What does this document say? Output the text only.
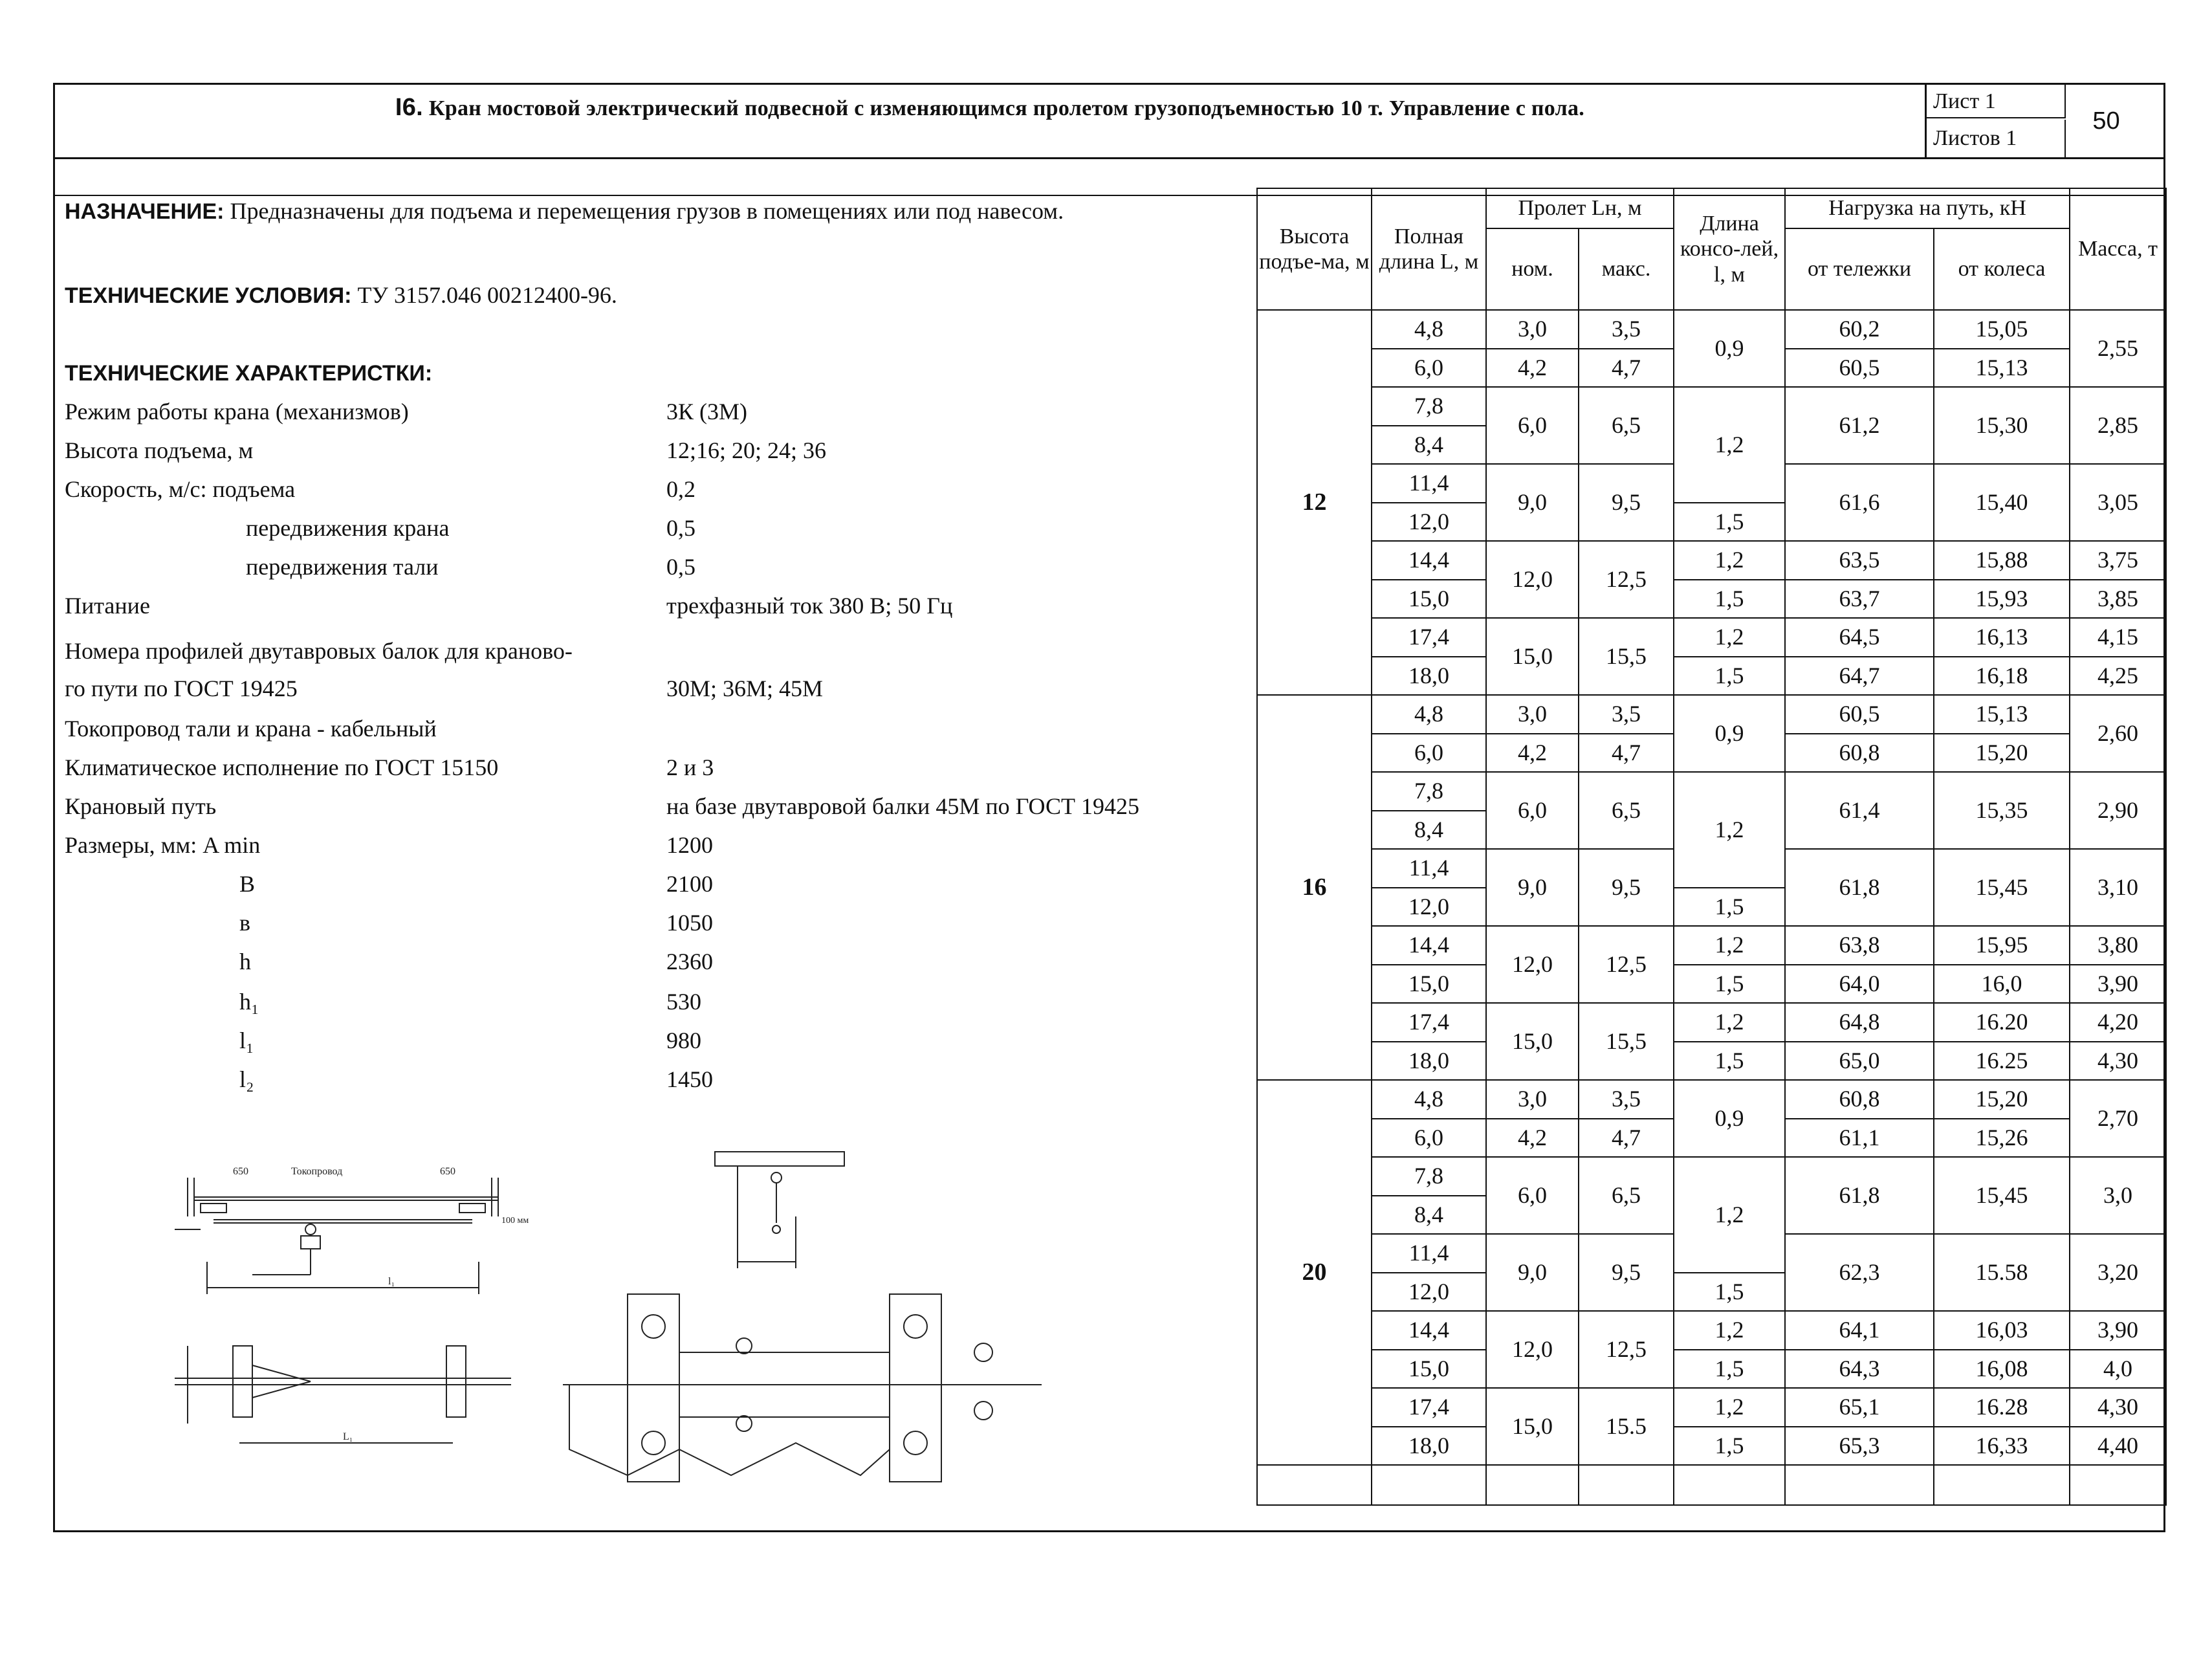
I6. Кран мостовой электрический подвесной с изменяющимся пролетом грузоподъемностью 10 т. Управление с пола.	Лист 1
Листов 1
50
НАЗНАЧЕНИЕ: Предназначены для подъема и перемещения грузов в помещениях или под навесом.
ТЕХНИЧЕСКИЕ УСЛОВИЯ: ТУ 3157.046 00212400-96.
ТЕХНИЧЕСКИЕ ХАРАКТЕРИСТКИ:
Режим работы крана (механизмов)	3К (3М)
Высота подъема, м	12;16; 20; 24; 36
Скорость, м/с: подъема	0,2
передвижения крана	0,5
передвижения тали	0,5
Питание	трехфазный ток 380 В; 50 Гц
Номера профилей двутавровых балок для краново-
го пути по ГОСТ 19425	30М; 36М; 45М
Токопровод тали и крана - кабельный
Климатическое исполнение по ГОСТ 15150	2 и 3
Крановый путь	на базе двутавровой балки 45М по ГОСТ 19425
Размеры, мм: A min	1200
B	2100
в	1050
h	2360
h₁	530
l₁	980
l₂	1450
Высота подъе-ма, м	Полная длина L, м	Пролет Lн, м		Длина консо-лей, l, м	Нагрузка на путь, кН		Масса, т
		ном.	макс.		от тележки	от колеса	
12	4,8	3,0	3,5	0,9	60,2	15,05	2,55
	6,0	4,2	4,7		60,5	15,13	
	7,8	6,0	6,5	1,2	61,2	15,30	2,85
	8,4						
	11,4	9,0	9,5		61,6	15,40	3,05
	12,0			1,5			
	14,4	12,0	12,5	1,2	63,5	15,88	3,75
	15,0			1,5	63,7	15,93	3,85
	17,4	15,0	15,5	1,2	64,5	16,13	4,15
	18,0			1,5	64,7	16,18	4,25
16	4,8	3,0	3,5	0,9	60,5	15,13	2,60
	6,0	4,2	4,7		60,8	15,20	
	7,8	6,0	6,5	1,2	61,4	15,35	2,90
	8,4						
	11,4	9,0	9,5		61,8	15,45	3,10
	12,0			1,5			
	14,4	12,0	12,5	1,2	63,8	15,95	3,80
	15,0			1,5	64,0	16,0	3,90
	17,4	15,0	15,5	1,2	64,8	16.20	4,20
	18,0			1,5	65,0	16.25	4,30
20	4,8	3,0	3,5	0,9	60,8	15,20	2,70
	6,0	4,2	4,7		61,1	15,26	
	7,8	6,0	6,5	1,2	61,8	15,45	3,0
	8,4						
	11,4	9,0	9,5		62,3	15.58	3,20
	12,0			1,5			
	14,4	12,0	12,5	1,2	64,1	16,03	3,90
	15,0			1,5	64,3	16,08	4,0
	17,4	15,0	15.5	1,2	65,1	16.28	4,30
	18,0			1,5	65,3	16,33	4,40

650	Токопровод	650
100 мм
l₁
L₁
